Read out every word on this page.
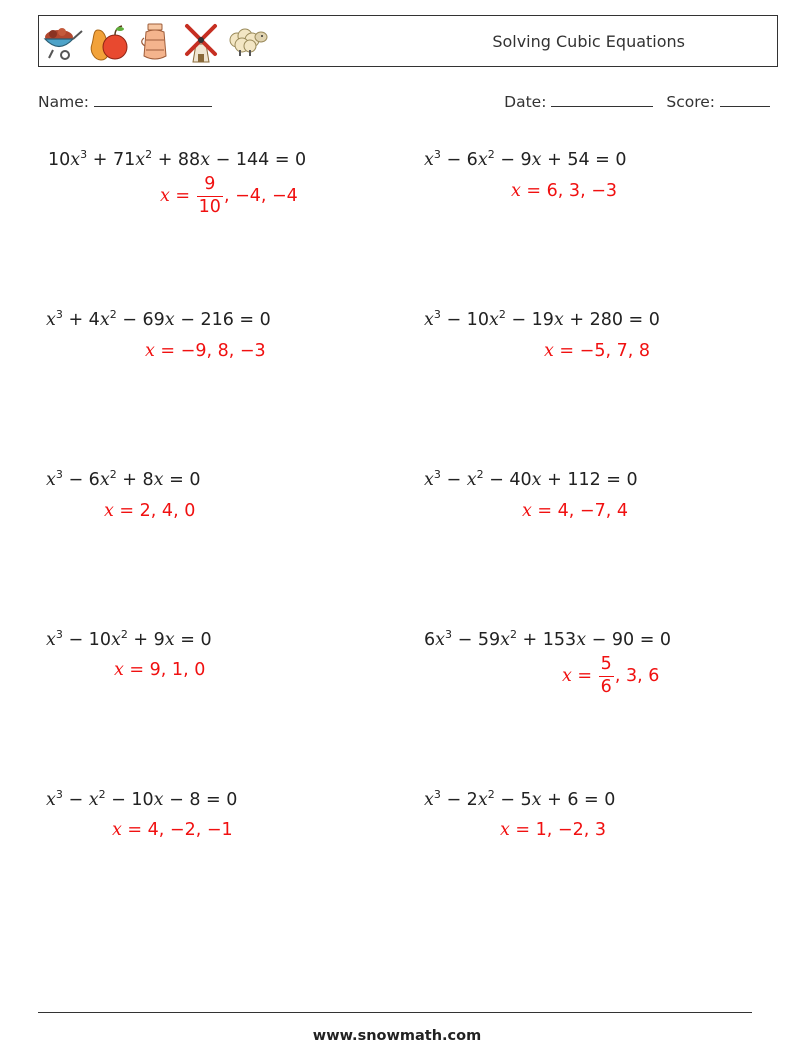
Solving Cubic Equations
Name:	Date:	Score:
$10x^3 + 71x^2 + 88x - 144 = 0$
$x = \frac{9}{10}$ , −4, −4
$x^3 - 6x^2 - 9x + 54 = 0$
x = 6, 3, −3
$x^3 + 4x^2 - 69x - 216 = 0$
x = −9, 8, −3
$x^3 - 10x^2 - 19x + 280 = 0$
x = −5, 7, 8
$x^3 - 6x^2 + 8x = 0$
x = 2, 4, 0
$x^3 - x^2 - 40x + 112 = 0$
x = 4, −7, 4
$x^3 - 10x^2 + 9x = 0$
x = 9, 1, 0
$6x^3 - 59x^2 + 153x - 90 = 0$
$x = \frac{5}{6}$ , 3, 6
$x^3 - x^2 - 10x - 8 = 0$
x = 4, −2, −1
$x^3 - 2x^2 - 5x + 6 = 0$
x = 1, −2, 3
www.snowmath.com
